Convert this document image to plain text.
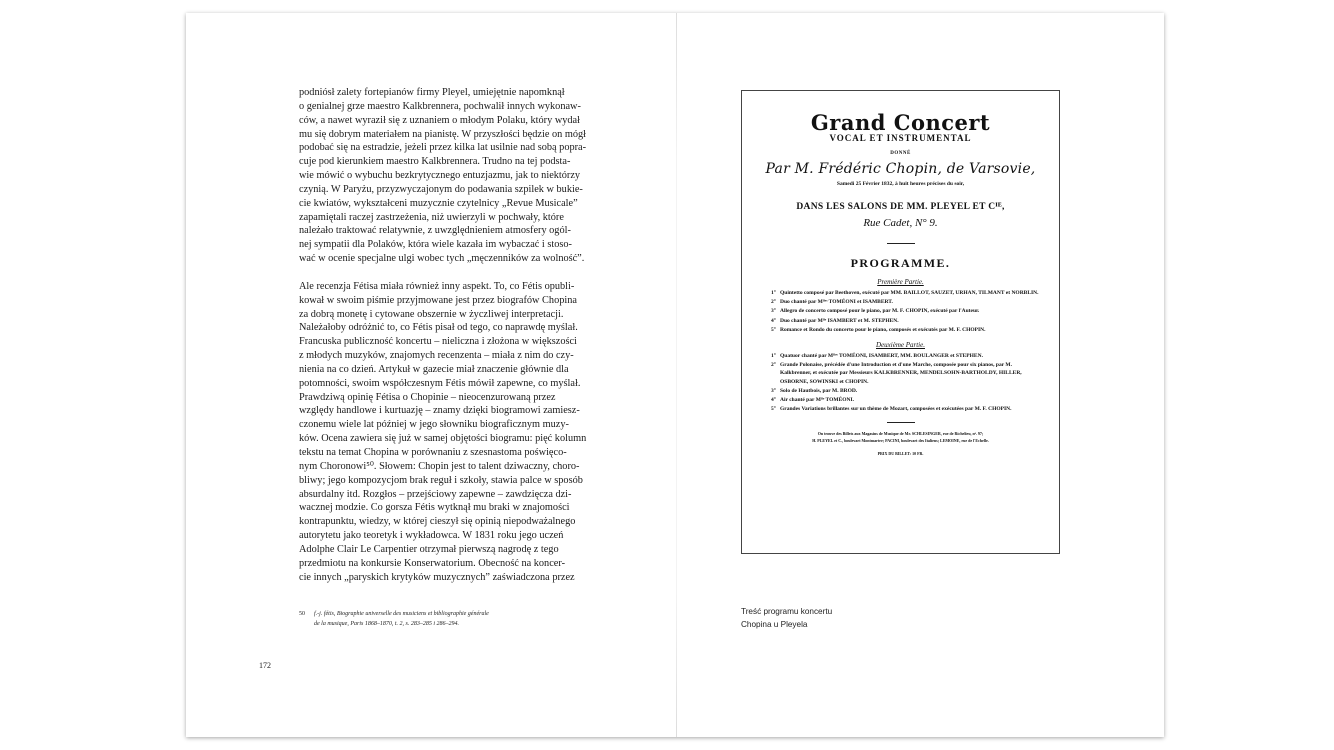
podniósł zalety fortepianów firmy Pleyel, umiejętnie napomknął
o genialnej grze maestro Kalkbrennera, pochwalił innych wykonaw-
ców, a nawet wyraził się z uznaniem o młodym Polaku, który wydał
mu się dobrym materiałem na pianistę. W przyszłości będzie on mógł
podobać się na estradzie, jeżeli przez kilka lat usilnie nad sobą popra-
cuje pod kierunkiem maestro Kalkbrennera. Trudno na tej podsta-
wie mówić o wybuchu bezkrytycznego entuzjazmu, jak to niektórzy
czynią. W Paryżu, przyzwyczajonym do podawania szpilek w bukie-
cie kwiatów, wykształceni muzycznie czytelnicy „Revue Musicale”
zapamiętali raczej zastrzeżenia, niż uwierzyli w pochwały, które
należało traktować relatywnie, z uwzględnieniem atmosfery ogól-
nej sympatii dla Polaków, która wiele kazała im wybaczać i stoso-
wać w ocenie specjalne ulgi wobec tych „męczenników za wolność”.

Ale recenzja Fétisa miała również inny aspekt. To, co Fétis opubli-
kował w swoim piśmie przyjmowane jest przez biografów Chopina
za dobrą monetę i cytowane obszernie w życzliwej interpretacji.
Należałoby odróżnić to, co Fétis pisał od tego, co naprawdę myślał.
Francuska publiczność koncertu – nieliczna i złożona w większości
z młodych muzyków, znajomych recenzenta – miała z nim do czy-
nienia na co dzień. Artykuł w gazecie miał znaczenie głównie dla
potomności, swoim współczesnym Fétis mówił zapewne, co myślał.
Prawdziwą opinię Fétisa o Chopinie – nieocenzurowaną przez
względy handlowe i kurtuazję – znamy dzięki biogramowi zamiesz-
czonemu wiele lat później w jego słowniku biograficznym muzy-
ków. Ocena zawiera się już w samej objętości biogramu: pięć kolumn
tekstu na temat Chopina w porównaniu z szesnastoma poświęco-
nym Choronowi⁵⁰. Słowem: Chopin jest to talent dziwaczny, choro-
bliwy; jego kompozycjom brak reguł i szkoły, stawia palce w sposób
absurdalny itd. Rozgłos – przejściowy zapewne – zawdzięcza dzi-
wacznej modzie. Co gorsza Fétis wytknął mu braki w znajomości
kontrapunktu, wiedzy, w której cieszył się opinią niepodważalnego
autorytetu jako teoretyk i wykładowca. W 1831 roku jego uczeń
Adolphe Clair Le Carpentier otrzymał pierwszą nagrodę z tego
przedmiotu na konkursie Konserwatorium. Obecność na koncer-
cie innych „paryskich krytyków muzycznych” zaświadczona przez

50 f.-j. fétis, Biographie universelle des musiciens et bibliographie générale
de la musique, Paris 1868–1870, t. 2, s. 283–285 i 286–294.
172
Grand Concert
VOCAL ET INSTRUMENTAL
DONNÉ
Par M. Frédéric Chopin, de Varsovie,
Samedi 25 Février 1832, à huit heures précises du soir,
DANS LES SALONS DE MM. PLEYEL ET Cᴵᴱ,
Rue Cadet, N° 9.
PROGRAMME.
Première Partie.
1° Quintetto composé par Beethoven, exécuté par MM. BAILLOT, SAUZET, URHAN, TILMANT et NORBLIN.
2° Duo chanté par Mˡˡᵉˢ TOMÉONI et ISAMBERT.
3° Allegro de concerto composé pour le piano, par M. F. CHOPIN, exécuté par l'Auteur.
4° Duo chanté par Mˡˡᵉ ISAMBERT et M. STEPHEN.
5° Romance et Rondo du concerto pour le piano, composés et exécutés par M. F. CHOPIN.
Deuxième Partie.
1° Quatuor chanté par Mˡˡᵉˢ TOMÉONI, ISAMBERT, MM. BOULANGER et STEPHEN.
2° Grande Polonaise, précédée d'une Introduction et d'une Marche, composée pour six pianos, par M. Kalkbrenner, et exécutée par Messieurs KALKBRENNER, MENDELSOHN-BARTHOLDY, HILLER, OSBORNE, SOWINSKI et CHOPIN.
3° Solo de Hautbois, par M. BROD.
4° Air chanté par Mˡˡᵉ TOMÉONI.
5° Grandes Variations brillantes sur un thème de Mozart, composées et exécutées par M. F. CHOPIN.
On trouve des Billets aux Magasins de Musique de Mr. SCHLESINGER, rue de Richelieu, nᵒ. 97;
H. PLEYEL et C., boulevart Montmartre; PACINI, boulevart des Italiens; LEMOINE, rue de l'Echelle.
PRIX DU BILLET: 10 FR.
Treść programu koncertu
Chopina u Pleyela
